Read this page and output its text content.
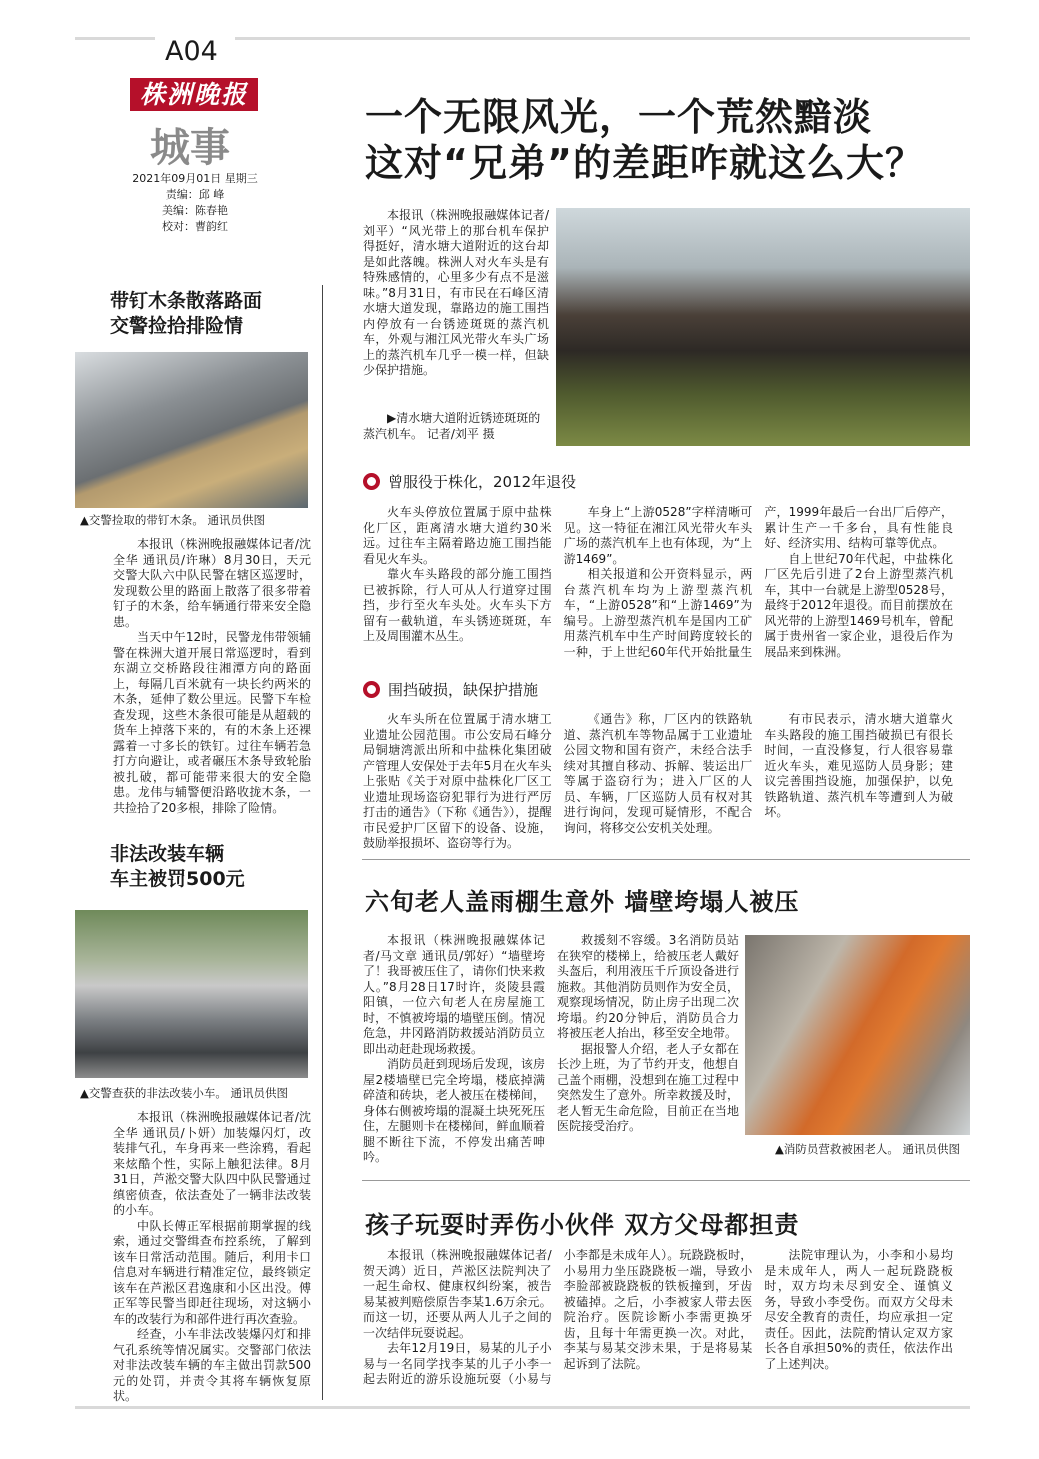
A04
株洲晚报
城事
2021年09月01日 星期三
责编：邱 峰
美编：陈春艳
校对：曹韵红
带钉木条散落路面
交警捡拾排险情
▲交警捡取的带钉木条。 通讯员供图

本报讯（株洲晚报融媒体记者/沈全华 通讯员/许琳）8月30日，天元交警大队六中队民警在辖区巡逻时，发现数公里的路面上散落了很多带着钉子的木条，给车辆通行带来安全隐患。

当天中午12时，民警龙伟带领辅警在株洲大道开展日常巡逻时，看到东湖立交桥路段往湘潭方向的路面上，每隔几百米就有一块长约两米的木条，延伸了数公里远。民警下车检查发现，这些木条很可能是从超载的货车上掉落下来的，有的木条上还裸露着一寸多长的铁钉。过往车辆若急打方向避让，或者碾压木条导致轮胎被扎破，都可能带来很大的安全隐患。龙伟与辅警便沿路收拢木条，一共捡拾了20多根，排除了险情。

非法改装车辆
车主被罚500元
▲交警查获的非法改装小车。 通讯员供图

本报讯（株洲晚报融媒体记者/沈全华 通讯员/卜妍）加装爆闪灯，改装排气孔，车身再来一些涂鸦，看起来炫酷个性，实际上触犯法律。8月31日，芦淞交警大队四中队民警通过缜密侦查，依法查处了一辆非法改装的小车。

中队长傅正军根据前期掌握的线索，通过交警缉查布控系统，了解到该车日常活动范围。随后，利用卡口信息对车辆进行精准定位，最终锁定该车在芦淞区君逸康和小区出没。傅正军等民警当即赶往现场，对这辆小车的改装行为和部件进行再次查验。

经查，小车非法改装爆闪灯和排气孔系统等情况属实。交警部门依法对非法改装车辆的车主做出罚款500元的处罚，并责令其将车辆恢复原状。

一个无限风光，一个荒然黯淡
这对“兄弟”的差距咋就这么大？

本报讯（株洲晚报融媒体记者/刘平）“风光带上的那台机车保护得挺好，清水塘大道附近的这台却是如此落魄。株洲人对火车头是有特殊感情的，心里多少有点不是滋味。”8月31日，有市民在石峰区清水塘大道发现，靠路边的施工围挡内停放有一台锈迹斑斑的蒸汽机车，外观与湘江风光带火车头广场上的蒸汽机车几乎一模一样，但缺少保护措施。

▶清水塘大道附近锈迹斑斑的蒸汽机车。 记者/刘平 摄
曾服役于株化，2012年退役

火车头停放位置属于原中盐株化厂区，距离清水塘大道约30米远。过往车主隔着路边施工围挡能看见火车头。

靠火车头路段的部分施工围挡已被拆除，行人可从人行道穿过围挡，步行至火车头处。火车头下方留有一截轨道，车头锈迹斑斑，车上及周围灌木丛生。

车身上“上游0528”字样清晰可见。这一特征在湘江风光带火车头广场的蒸汽机车上也有体现，为“上游1469”。

相关报道和公开资料显示，两台蒸汽机车均为上游型蒸汽机车，“上游0528”和“上游1469”为编号。上游型蒸汽机车是国内工矿用蒸汽机车中生产时间跨度较长的一种，于上世纪60年代开始批量生产，1999年最后一台出厂后停产，累计生产一千多台，具有性能良好、经济实用、结构可靠等优点。

自上世纪70年代起，中盐株化厂区先后引进了2台上游型蒸汽机车，其中一台就是上游型0528号，最终于2012年退役。而目前摆放在风光带的上游型1469号机车，曾配属于贵州省一家企业，退役后作为展品来到株洲。

围挡破损，缺保护措施

火车头所在位置属于清水塘工业遗址公园范围。市公安局石峰分局铜塘湾派出所和中盐株化集团破产管理人安保处于去年5月在火车头上张贴《关于对原中盐株化厂区工业遗址现场盗窃犯罪行为进行严厉打击的通告》（下称《通告》），提醒市民爱护厂区留下的设备、设施，鼓励举报损坏、盗窃等行为。

《通告》称，厂区内的铁路轨道、蒸汽机车等物品属于工业遗址公园文物和国有资产，未经合法手续对其擅自移动、拆解、装运出厂等属于盗窃行为；进入厂区的人员、车辆，厂区巡防人员有权对其进行询问，发现可疑情形，不配合询问，将移交公安机关处理。

有市民表示，清水塘大道靠火车头路段的施工围挡破损已有很长时间，一直没修复，行人很容易靠近火车头，难见巡防人员身影；建议完善围挡设施，加强保护，以免铁路轨道、蒸汽机车等遭到人为破坏。

六旬老人盖雨棚生意外 墙壁垮塌人被压

本报讯（株洲晚报融媒体记者/马文章 通讯员/郭好）“墙壁垮了！我哥被压住了，请你们快来救人。”8月28日17时许，炎陵县霞阳镇，一位六旬老人在房屋施工时，不慎被垮塌的墙壁压倒。情况危急，井冈路消防救援站消防员立即出动赶赴现场救援。

消防员赶到现场后发现，该房屋2楼墙壁已完全垮塌，楼底掉满碎渣和砖块，老人被压在楼梯间，身体右侧被垮塌的混凝土块死死压住，左腿则卡在楼梯间，鲜血顺着腿不断往下流，不停发出痛苦呻吟。

救援刻不容缓。3名消防员站在狭窄的楼梯上，给被压老人戴好头盔后，利用液压千斤顶设备进行施救。其他消防员则作为安全员，观察现场情况，防止房子出现二次垮塌。约20分钟后，消防员合力将被压老人抬出，移至安全地带。

据报警人介绍，老人子女都在长沙上班，为了节约开支，他想自己盖个雨棚，没想到在施工过程中突然发生了意外。所幸救援及时，老人暂无生命危险，目前正在当地医院接受治疗。

▲消防员营救被困老人。 通讯员供图
孩子玩耍时弄伤小伙伴 双方父母都担责

本报讯（株洲晚报融媒体记者/贺天鸿）近日，芦淞区法院判决了一起生命权、健康权纠纷案，被告易某被判赔偿原告李某1.6万余元。而这一切，还要从两人儿子之间的一次结伴玩耍说起。

去年12月19日，易某的儿子小易与一名同学找李某的儿子小李一起去附近的游乐设施玩耍（小易与小李都是未成年人）。玩跷跷板时，小易用力坐压跷跷板一端，导致小李脸部被跷跷板的铁板撞到，牙齿被磕掉。之后，小李被家人带去医院治疗。医院诊断小李需更换牙齿，且每十年需更换一次。对此，李某与易某交涉未果，于是将易某起诉到了法院。

法院审理认为，小李和小易均是未成年人，两人一起玩跷跷板时，双方均未尽到安全、谨慎义务，导致小李受伤。而双方父母未尽安全教育的责任，均应承担一定责任。因此，法院酌情认定双方家长各自承担50%的责任，依法作出了上述判决。
